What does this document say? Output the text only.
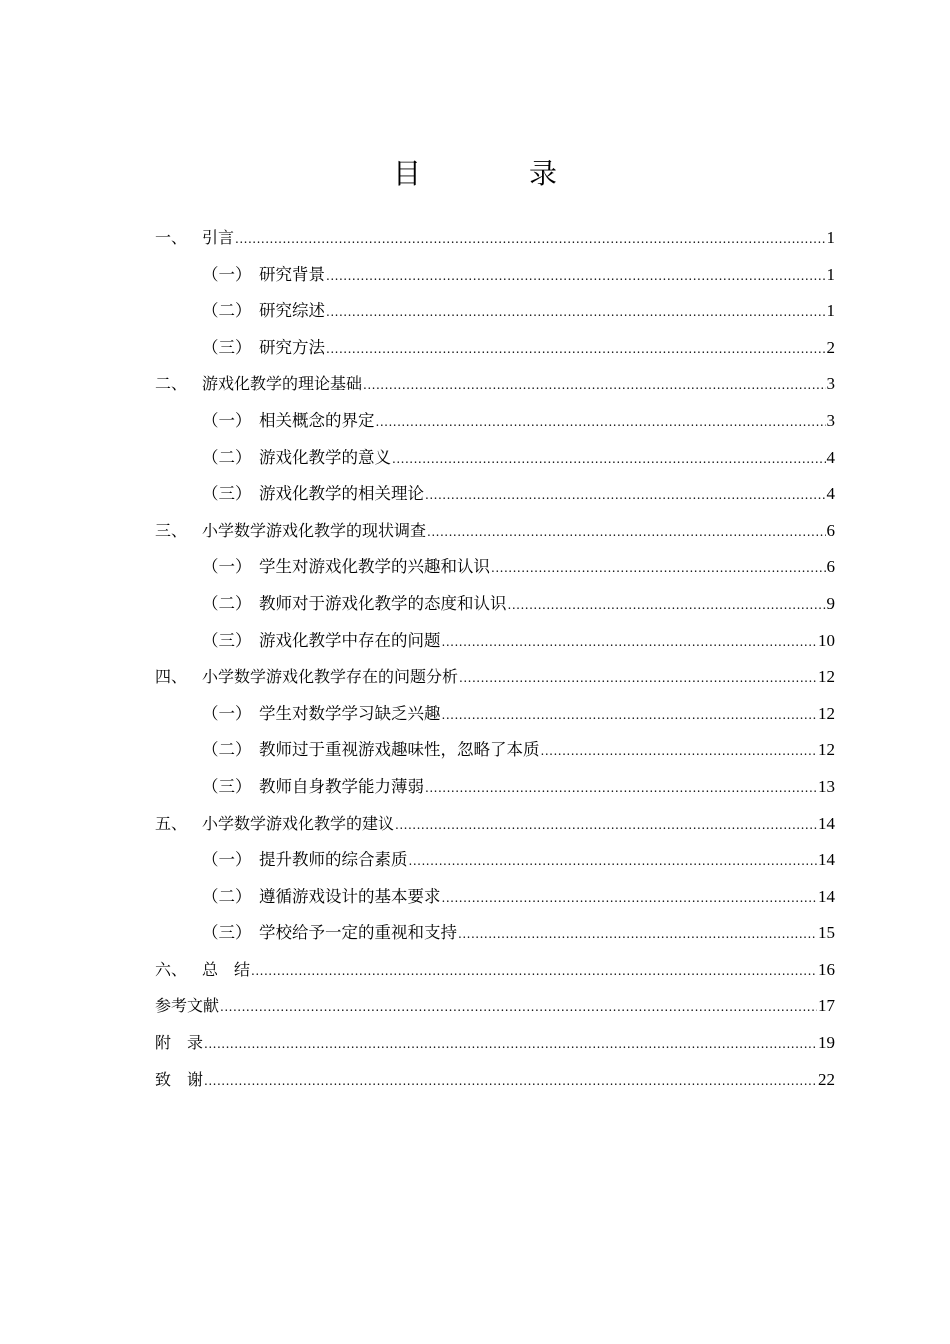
目　录
一、 引言 .....	1
（一） 研究背景 .....	1
（二） 研究综述 .....	1
（三） 研究方法 .....	2
二、 游戏化教学的理论基础 .....	3
（一） 相关概念的界定 .....	3
（二） 游戏化教学的意义 .....	4
（三） 游戏化教学的相关理论 .....	4
三、 小学数学游戏化教学的现状调查 .....	6
（一） 学生对游戏化教学的兴趣和认识 .....	6
（二） 教师对于游戏化教学的态度和认识 .....	9
（三） 游戏化教学中存在的问题 .....	10
四、 小学数学游戏化教学存在的问题分析 .....	12
（一） 学生对数学学习缺乏兴趣 .....	12
（二） 教师过于重视游戏趣味性，忽略了本质 .....	12
（三） 教师自身教学能力薄弱 .....	13
五、 小学数学游戏化教学的建议 .....	14
（一） 提升教师的综合素质 .....	14
（二） 遵循游戏设计的基本要求 .....	14
（三） 学校给予一定的重视和支持 .....	15
六、 总　结 .....	16
参考文献 .....	17
附　录 .....	19
致　谢 .....	22
